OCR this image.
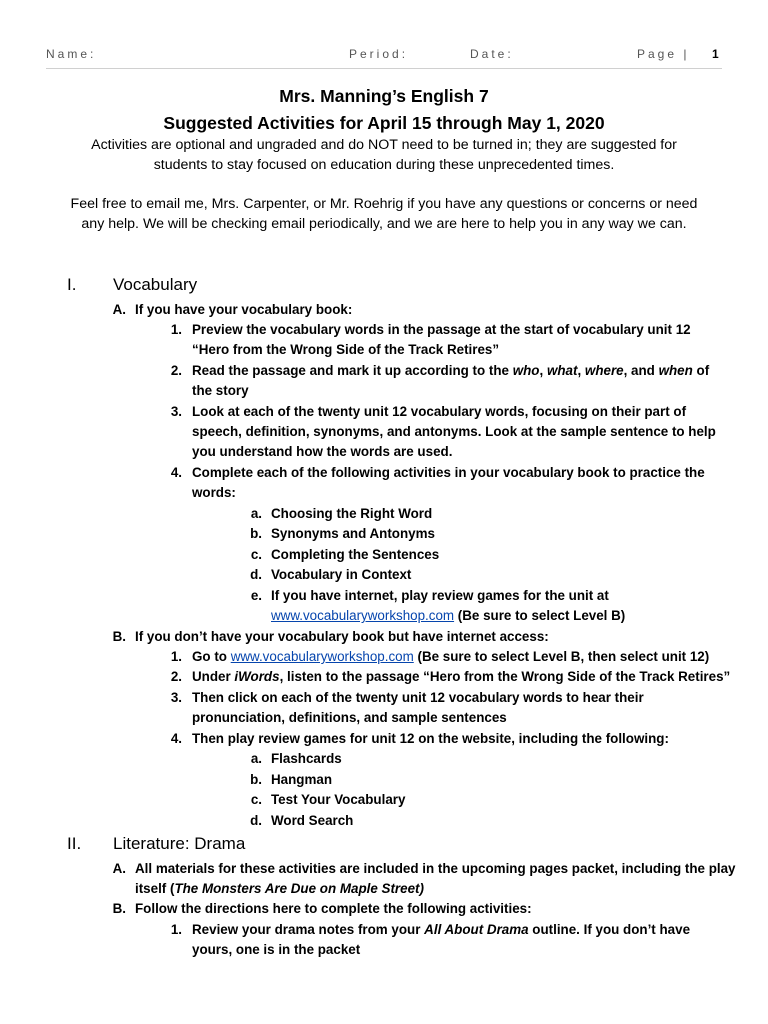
Name:	Period:	Date:	Page | 1
Mrs. Manning’s English 7
Suggested Activities for April 15 through May 1, 2020
Activities are optional and ungraded and do NOT need to be turned in; they are suggested for
students to stay focused on education during these unprecedented times.
Feel free to email me, Mrs. Carpenter, or Mr. Roehrig if you have any questions or concerns or need
any help. We will be checking email periodically, and we are here to help you in any way we can.
I. Vocabulary
A. If you have your vocabulary book:
1. Preview the vocabulary words in the passage at the start of vocabulary unit 12
“Hero from the Wrong Side of the Track Retires”
2. Read the passage and mark it up according to the who, what, where, and when of
the story
3. Look at each of the twenty unit 12 vocabulary words, focusing on their part of
speech, definition, synonyms, and antonyms. Look at the sample sentence to help
you understand how the words are used.
4. Complete each of the following activities in your vocabulary book to practice the
words:
a. Choosing the Right Word
b. Synonyms and Antonyms
c. Completing the Sentences
d. Vocabulary in Context
e. If you have internet, play review games for the unit at
www.vocabularyworkshop.com (Be sure to select Level B)
B. If you don’t have your vocabulary book but have internet access:
1. Go to www.vocabularyworkshop.com (Be sure to select Level B, then select unit 12)
2. Under iWords, listen to the passage “Hero from the Wrong Side of the Track Retires”
3. Then click on each of the twenty unit 12 vocabulary words to hear their
pronunciation, definitions, and sample sentences
4. Then play review games for unit 12 on the website, including the following:
a. Flashcards
b. Hangman
c. Test Your Vocabulary
d. Word Search
II. Literature: Drama
A. All materials for these activities are included in the upcoming pages packet, including the play
itself (The Monsters Are Due on Maple Street)
B. Follow the directions here to complete the following activities:
1. Review your drama notes from your All About Drama outline. If you don’t have
yours, one is in the packet
